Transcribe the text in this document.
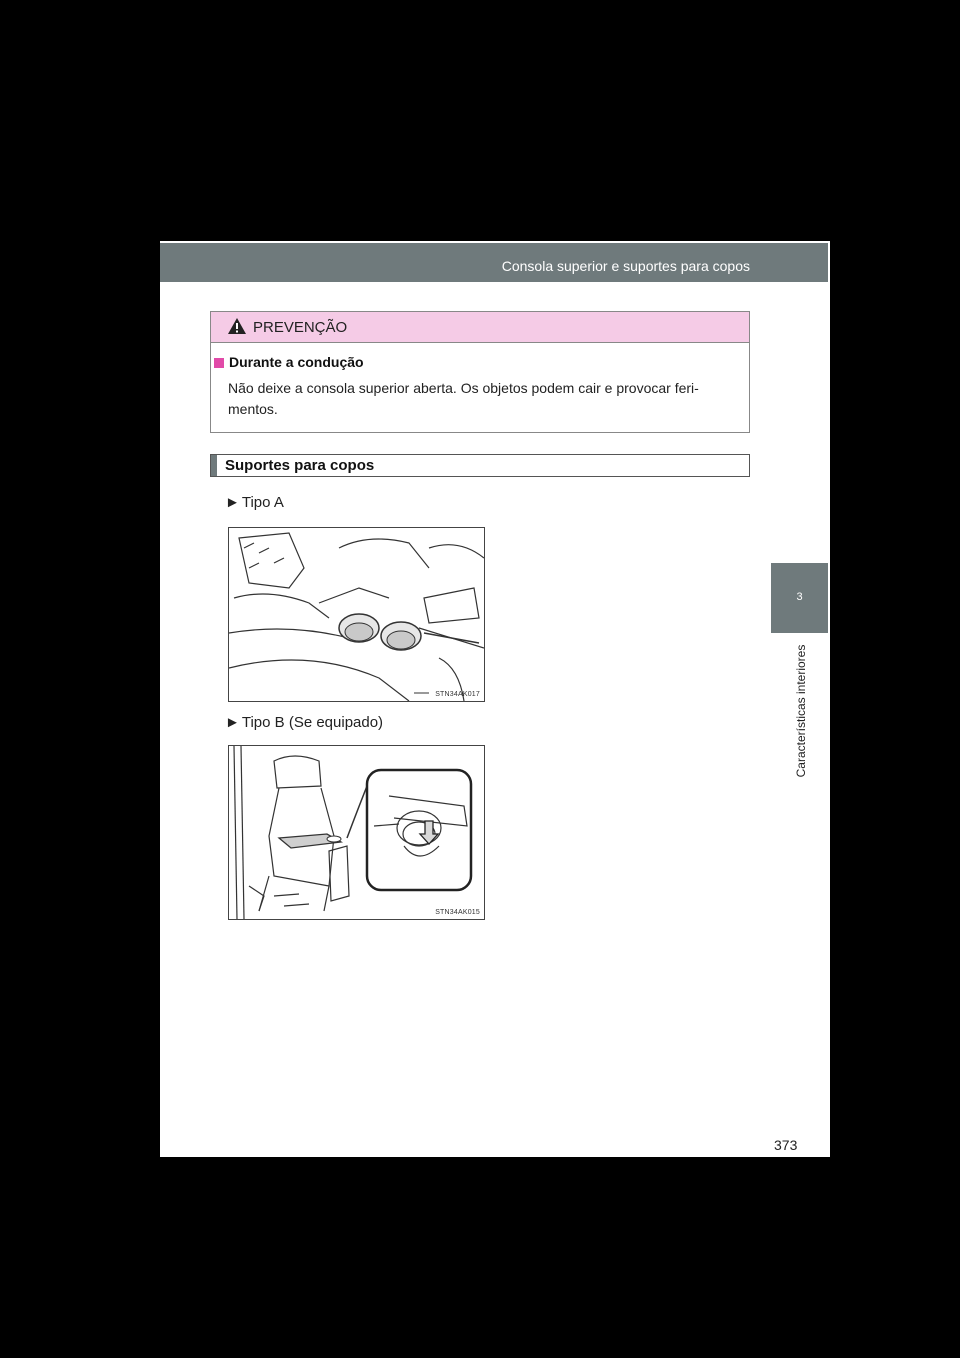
Consola superior e suportes para copos
3
Características interiores
PREVENÇÃO
Durante a condução
Não deixe a consola superior aberta. Os objetos podem cair e provocar feri-mentos.
Suportes para copos
► Tipo A
STN34AK017
► Tipo B (Se equipado)
STN34AK015
373
